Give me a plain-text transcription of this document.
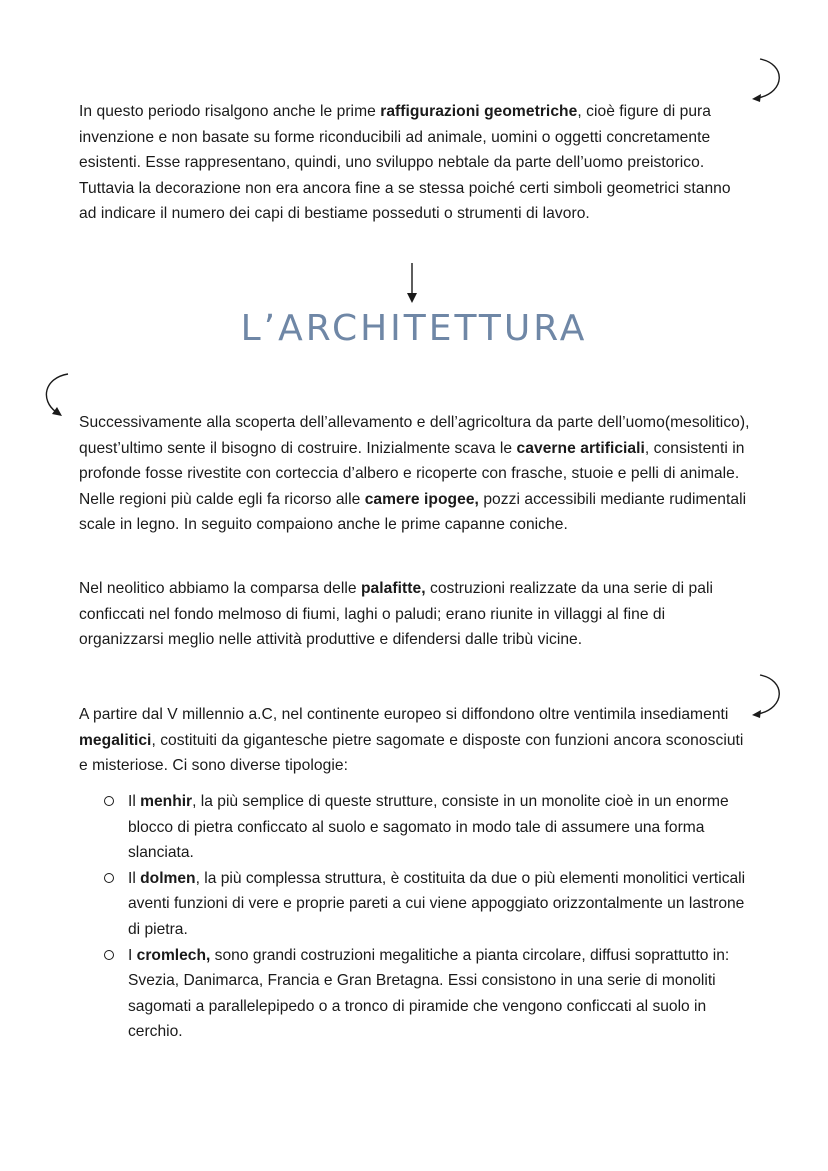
In questo periodo risalgono anche le prime raffigurazioni geometriche, cioè figure di pura invenzione e non basate su forme riconducibili ad animale, uomini o oggetti concretamente esistenti. Esse rappresentano, quindi, uno sviluppo nebtale da parte dell’uomo preistorico. Tuttavia la decorazione non era ancora fine a se stessa poiché certi simboli geometrici stanno ad indicare il numero dei capi di bestiame posseduti o strumenti di lavoro.

L’ARCHITETTURA

Successivamente alla scoperta dell’allevamento e dell’agricoltura da parte dell’uomo(mesolitico), quest’ultimo sente il bisogno di costruire. Inizialmente scava le caverne artificiali, consistenti in profonde fosse rivestite con corteccia d’albero e ricoperte con frasche, stuoie e pelli di animale. Nelle regioni più calde egli fa ricorso alle camere ipogee, pozzi accessibili mediante rudimentali scale in legno. In seguito compaiono anche le prime capanne coniche.

Nel neolitico abbiamo la comparsa delle palafitte, costruzioni realizzate da una serie di pali conficcati nel fondo melmoso di fiumi, laghi o paludi; erano riunite in villaggi al fine di organizzarsi meglio nelle attività produttive e difendersi dalle tribù vicine.

A partire dal V millennio a.C, nel continente europeo si diffondono oltre ventimila insediamenti megalitici, costituiti da gigantesche pietre sagomate e disposte con funzioni ancora sconosciuti e misteriose. Ci sono diverse tipologie:

Il menhir, la più semplice di queste strutture, consiste in un monolite cioè in un enorme blocco di pietra conficcato al suolo e sagomato in modo tale di assumere una forma slanciata.
Il dolmen, la più complessa struttura, è costituita da due o più elementi monolitici verticali aventi funzioni di vere e proprie pareti a cui viene appoggiato orizzontalmente un lastrone di pietra.
I cromlech, sono grandi costruzioni megalitiche a pianta circolare, diffusi soprattutto in: Svezia, Danimarca, Francia e Gran Bretagna. Essi consistono in una serie di monoliti sagomati a parallelepipedo o a tronco di piramide che vengono conficcati al suolo in cerchio.
